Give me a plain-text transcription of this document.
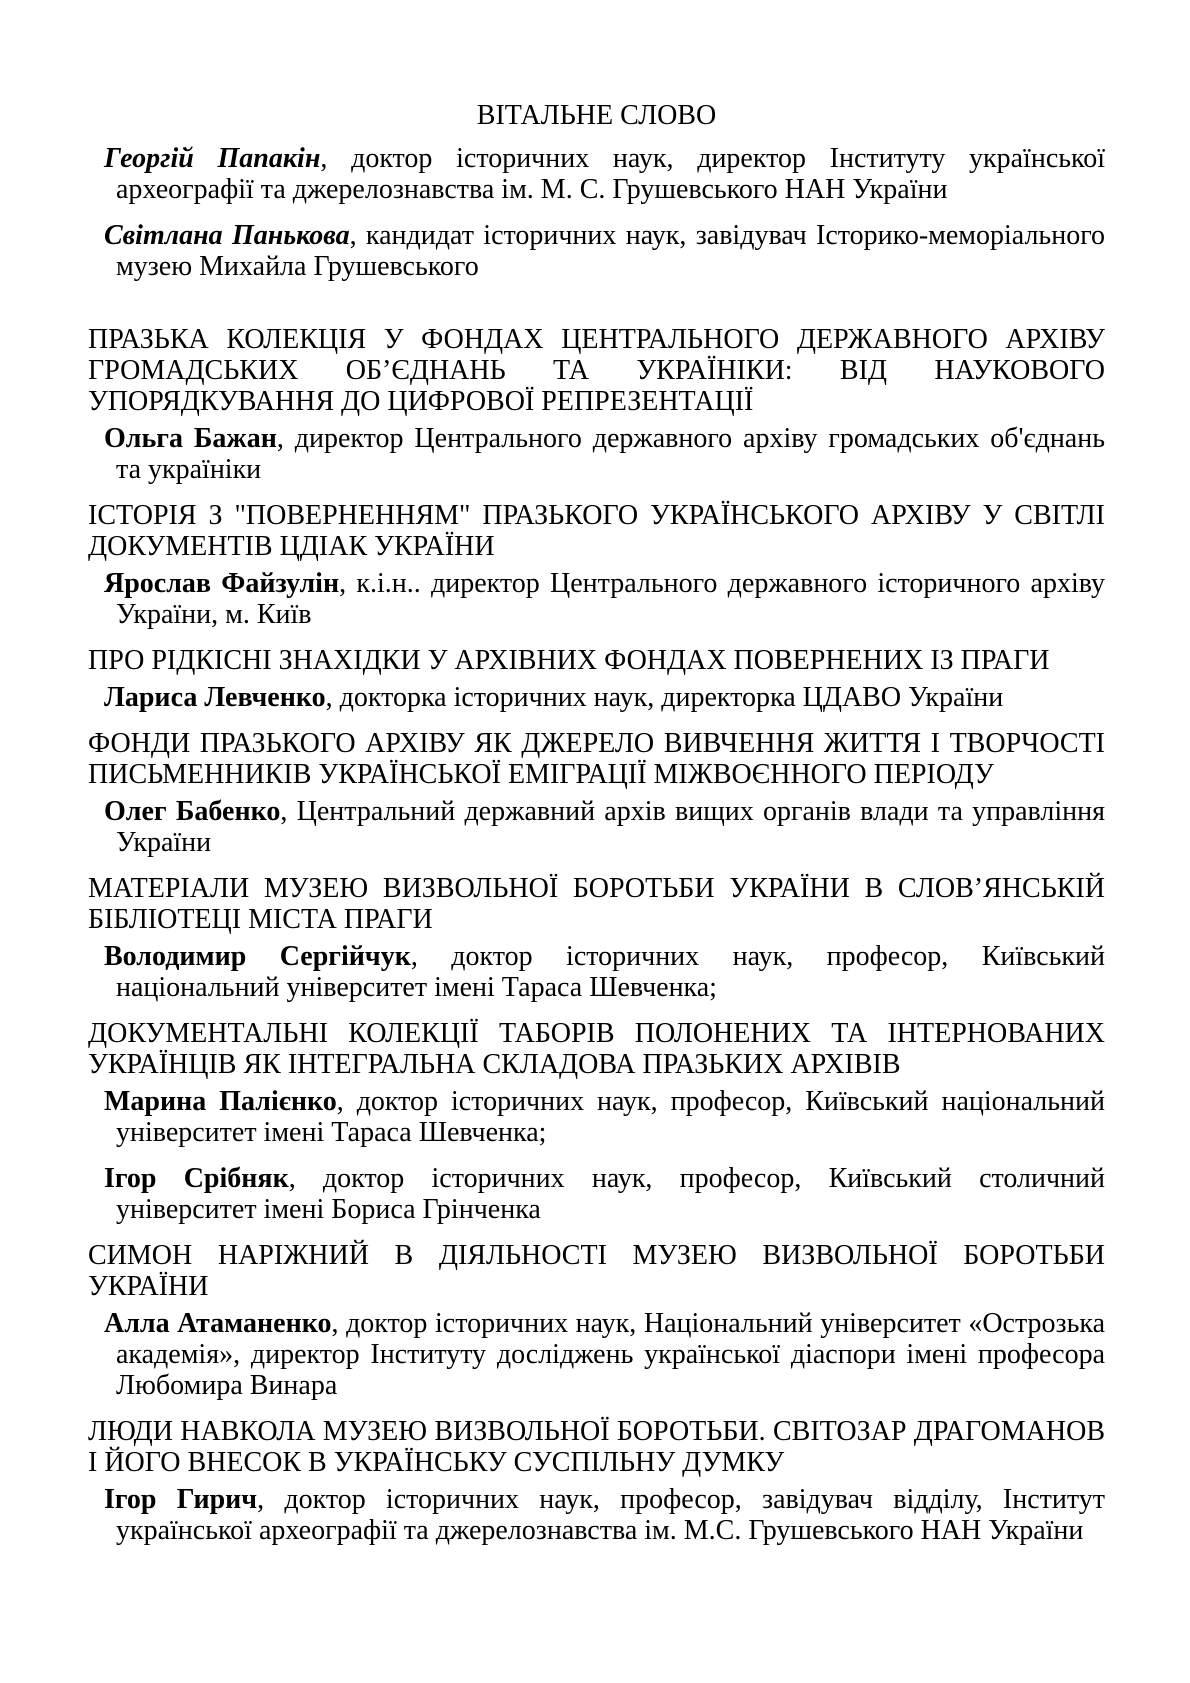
ВІТАЛЬНЕ СЛОВО

Георгій Папакін, доктор історичних наук, директор Інституту української археографії та джерелознавства ім. М. С. Грушевського НАН України

Світлана Панькова, кандидат історичних наук, завідувач Історико-меморіального музею Михайла Грушевського

ПРАЗЬКА КОЛЕКЦІЯ У ФОНДАХ ЦЕНТРАЛЬНОГО ДЕРЖАВНОГО АРХІВУ ГРОМАДСЬКИХ ОБ’ЄДНАНЬ ТА УКРАЇНІКИ: ВІД НАУКОВОГО УПОРЯДКУВАННЯ ДО ЦИФРОВОЇ РЕПРЕЗЕНТАЦІЇ

Ольга Бажан, директор Центрального державного архіву громадських об'єднань та україніки

ІСТОРІЯ З "ПОВЕРНЕННЯМ" ПРАЗЬКОГО УКРАЇНСЬКОГО АРХІВУ У СВІТЛІ ДОКУМЕНТІВ ЦДІАК УКРАЇНИ

Ярослав Файзулін, к.і.н.. директор Центрального державного історичного архіву України, м. Київ

ПРО РІДКІСНІ ЗНАХІДКИ У АРХІВНИХ ФОНДАХ ПОВЕРНЕНИХ ІЗ ПРАГИ

Лариса Левченко, докторка історичних наук, директорка ЦДАВО України

ФОНДИ ПРАЗЬКОГО АРХІВУ ЯК ДЖЕРЕЛО ВИВЧЕННЯ ЖИТТЯ І ТВОРЧОСТІ ПИСЬМЕННИКІВ УКРАЇНСЬКОЇ ЕМІГРАЦІЇ МІЖВОЄННОГО ПЕРІОДУ

Олег Бабенко, Центральний державний архів вищих органів влади та управління України

МАТЕРІАЛИ МУЗЕЮ ВИЗВОЛЬНОЇ БОРОТЬБИ УКРАЇНИ В СЛОВ’ЯНСЬКІЙ БІБЛІОТЕЦІ МІСТА ПРАГИ

Володимир Сергійчук, доктор історичних наук, професор, Київський національний університет імені Тараса Шевченка;

ДОКУМЕНТАЛЬНІ КОЛЕКЦІЇ ТАБОРІВ ПОЛОНЕНИХ ТА ІНТЕРНОВАНИХ УКРАЇНЦІВ ЯК ІНТЕГРАЛЬНА СКЛАДОВА ПРАЗЬКИХ АРХІВІВ

Марина Палієнко, доктор історичних наук, професор, Київський національний університет імені Тараса Шевченка;

Ігор Срібняк, доктор історичних наук, професор, Київський столичний університет імені Бориса Грінченка

СИМОН НАРІЖНИЙ В ДІЯЛЬНОСТІ МУЗЕЮ ВИЗВОЛЬНОЇ БОРОТЬБИ УКРАЇНИ

Алла Атаманенко, доктор історичних наук, Національний університет «Острозька академія», директор Інституту досліджень української діаспори імені професора Любомира Винара

ЛЮДИ НАВКОЛА МУЗЕЮ ВИЗВОЛЬНОЇ БОРОТЬБИ. СВІТОЗАР ДРАГОМАНОВ І ЙОГО ВНЕСОК В УКРАЇНСЬКУ СУСПІЛЬНУ ДУМКУ

Ігор Гирич, доктор історичних наук, професор, завідувач відділу, Інститут української археографії та джерелознавства ім. М.С. Грушевського НАН України
